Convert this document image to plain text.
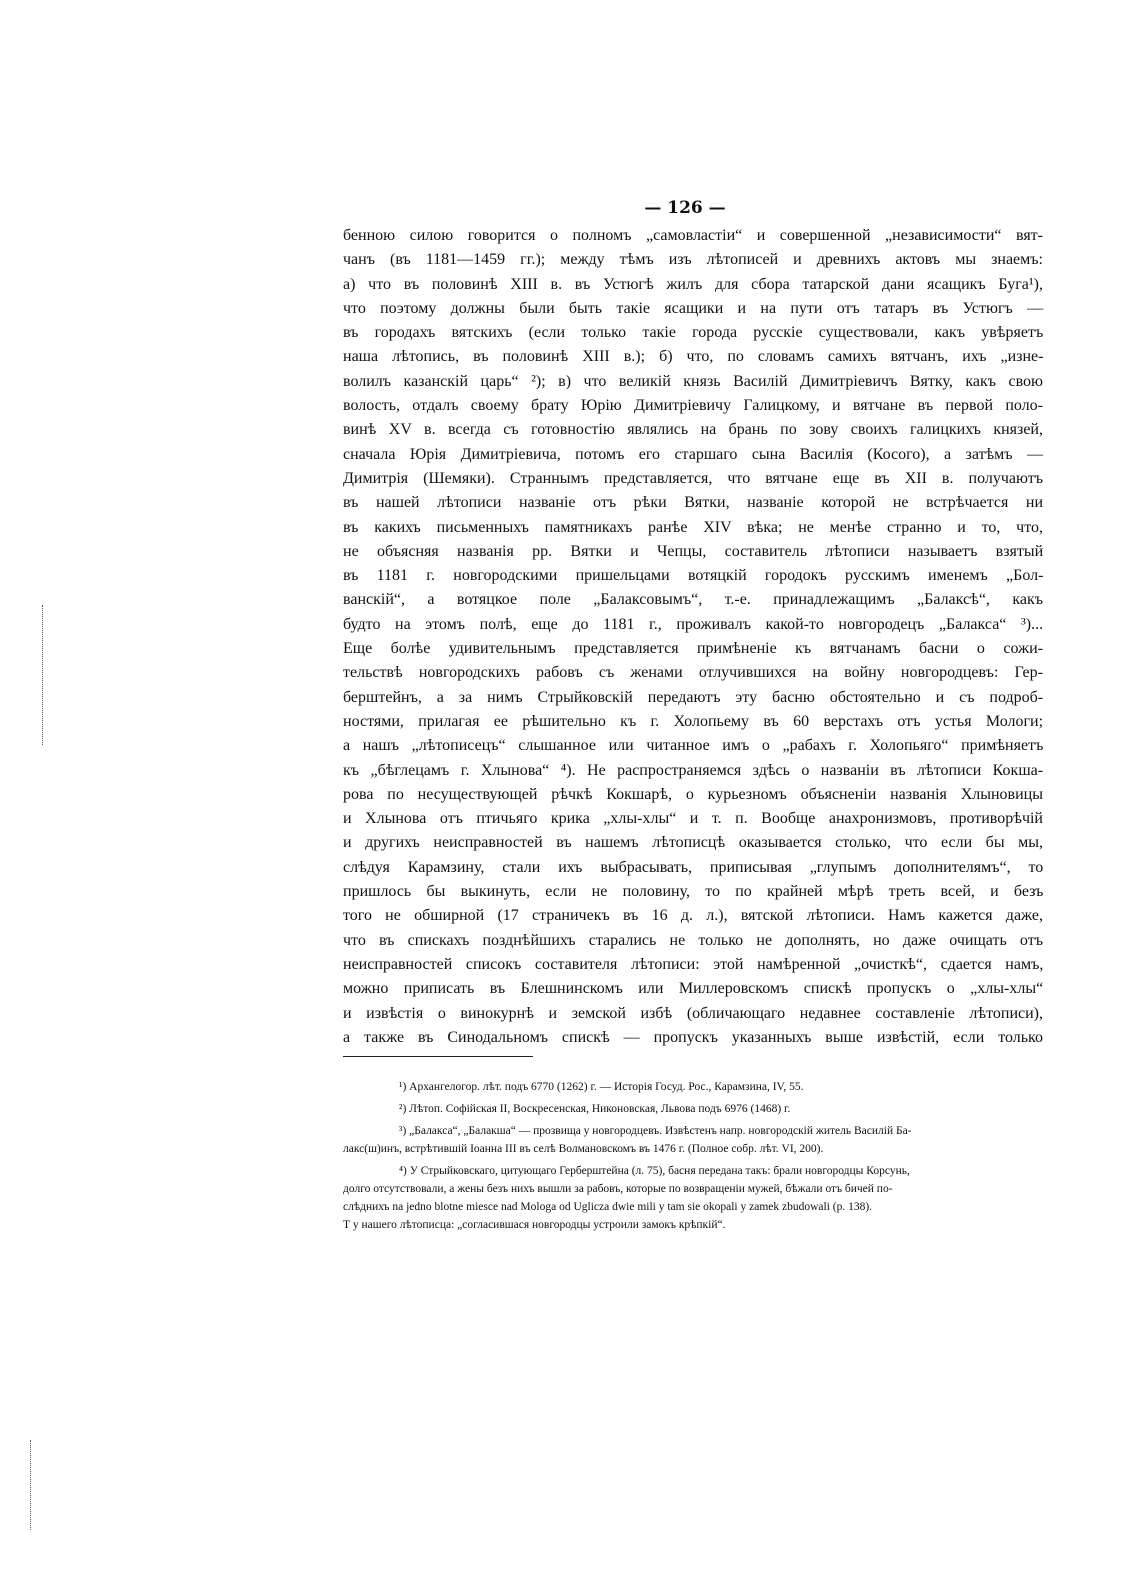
— 126 —
бенною силою говорится о полномъ „самовластіи“ и совершенной „независимости“ вят-
чанъ (въ 1181—1459 гг.); между тѣмъ изъ лѣтописей и древнихъ актовъ мы знаемъ:
а) что въ половинѣ XIII в. въ Устюгѣ жилъ для сбора татарской дани ясащикъ Буга¹),
что поэтому должны были быть такіе ясащики и на пути отъ татаръ въ Устюгъ —
въ городахъ вятскихъ (если только такіе города русскіе существовали, какъ увѣряетъ
наша лѣтопись, въ половинѣ XIII в.); б) что, по словамъ самихъ вятчанъ, ихъ „изне-
волилъ казанскій царь“ ²); в) что великій князь Василій Димитріевичъ Вятку, какъ свою
волость, отдалъ своему брату Юрію Димитріевичу Галицкому, и вятчане въ первой поло-
винѣ XV в. всегда съ готовностію являлись на брань по зову своихъ галицкихъ князей,
сначала Юрія Димитріевича, потомъ его старшаго сына Василія (Косого), а затѣмъ —
Димитрія (Шемяки). Страннымъ представляется, что вятчане еще въ XII в. получаютъ
въ нашей лѣтописи названіе отъ рѣки Вятки, названіе которой не встрѣчается ни
въ какихъ письменныхъ памятникахъ ранѣе XIV вѣка; не менѣе странно и то, что,
не объясняя названія рр. Вятки и Чепцы, составитель лѣтописи называетъ взятый
въ 1181 г. новгородскими пришельцами вотяцкій городокъ русскимъ именемъ „Бол-
ванскій“, а вотяцкое поле „Балаксовымъ“, т.-е. принадлежащимъ „Балаксѣ“, какъ
будто на этомъ полѣ, еще до 1181 г., проживалъ какой-то новгородецъ „Балакса“ ³)...
Еще болѣе удивительнымъ представляется примѣненіе къ вятчанамъ басни о сожи-
тельствѣ новгородскихъ рабовъ съ женами отлучившихся на войну новгородцевъ: Гер-
берштейнъ, а за нимъ Стрыйковскій передаютъ эту басню обстоятельно и съ подроб-
ностями, прилагая ее рѣшительно къ г. Холопьему въ 60 верстахъ отъ устья Мологи;
а нашъ „лѣтописецъ“ слышанное или читанное имъ о „рабахъ г. Холопьяго“ примѣняетъ
къ „бѣглецамъ г. Хлынова“ ⁴). Не распространяемся здѣсь о названіи въ лѣтописи Кокша-
рова по несуществующей рѣчкѣ Кокшарѣ, о курьезномъ объясненіи названія Хлыновицы
и Хлынова отъ птичьяго крика „хлы-хлы“ и т. п. Вообще анахронизмовъ, противорѣчій
и другихъ неисправностей въ нашемъ лѣтописцѣ оказывается столько, что если бы мы,
слѣдуя Карамзину, стали ихъ выбрасывать, приписывая „глупымъ дополнителямъ“, то
пришлось бы выкинуть, если не половину, то по крайней мѣрѣ треть всей, и безъ
того не обширной (17 страничекъ въ 16 д. л.), вятской лѣтописи. Намъ кажется даже,
что въ спискахъ позднѣйшихъ старались не только не дополнять, но даже очищать отъ
неисправностей списокъ составителя лѣтописи: этой намѣренной „очисткѣ“, сдается намъ,
можно приписать въ Блешнинскомъ или Миллеровскомъ спискѣ пропускъ о „хлы-хлы“
и извѣстія о винокурнѣ и земской избѣ (обличающаго недавнее составленіе лѣтописи),
а также въ Синодальномъ спискѣ — пропускъ указанныхъ выше извѣстій, если только
¹) Архангелогор. лѣт. подъ 6770 (1262) г. — Исторія Госуд. Рос., Карамзина, IV, 55.
²) Лѣтоп. Софійская II, Воскресенская, Никоновская, Львова подъ 6976 (1468) г.
³) „Балакса“, „Балакша“ — прозвища у новгородцевъ. Извѣстенъ напр. новгородскій житель Василій Ба-
лакс(ш)инъ, встрѣтившій Іоанна III въ селѣ Волмановскомъ въ 1476 г. (Полное собр. лѣт. VI, 200).
⁴) У Стрыйковскаго, цитующаго Герберштейна (л. 75), басня передана такъ: брали новгородцы Корсунь,
долго отсутствовали, а жены безъ нихъ вышли за рабовъ, которые по возвращеніи мужей, бѣжали отъ бичей по-
слѣднихъ na jedno blotne miesce nad Mologa od Uglicza dwie mili y tam sie okopali y zamek zbudowali (p. 138).
Т у нашего лѣтописца: „согласившася новгородцы устроили замокъ крѣпкій“.
